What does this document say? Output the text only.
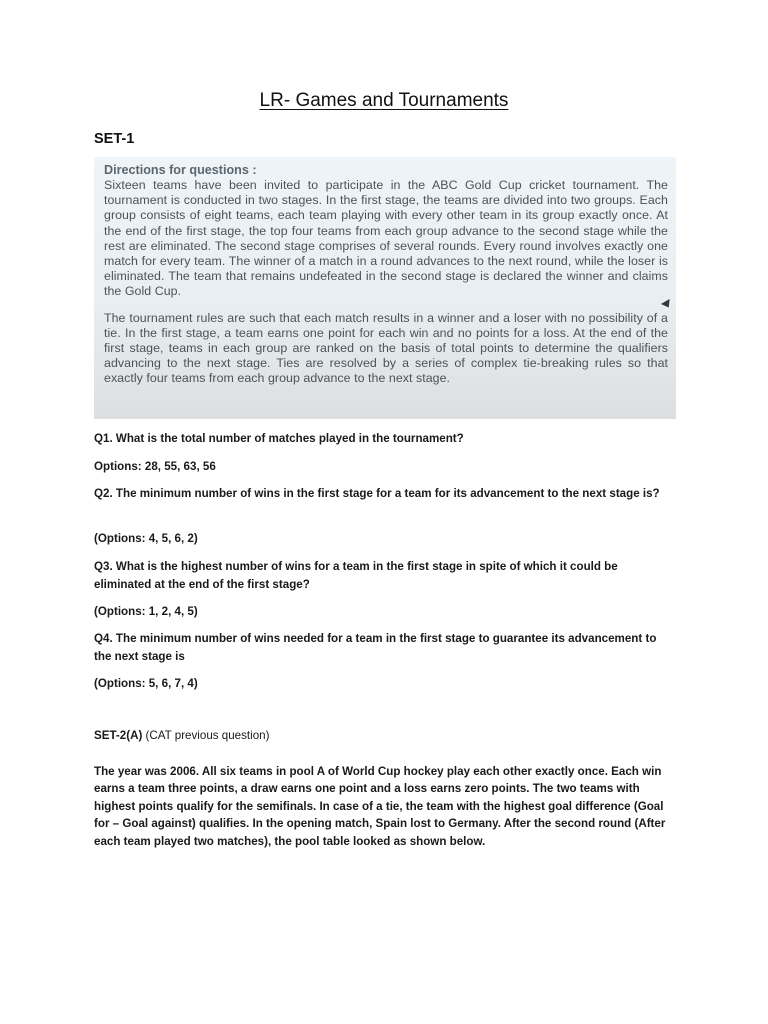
LR- Games and Tournaments
SET-1
Directions for questions :

Sixteen teams have been invited to participate in the ABC Gold Cup cricket tournament. The tournament is conducted in two stages. In the first stage, the teams are divided into two groups. Each group consists of eight teams, each team playing with every other team in its group exactly once. At the end of the first stage, the top four teams from each group advance to the second stage while the rest are eliminated. The second stage comprises of several rounds. Every round involves exactly one match for every team. The winner of a match in a round advances to the next round, while the loser is eliminated. The team that remains undefeated in the second stage is declared the winner and claims the Gold Cup.

The tournament rules are such that each match results in a winner and a loser with no possibility of a tie. In the first stage, a team earns one point for each win and no points for a loss. At the end of the first stage, teams in each group are ranked on the basis of total points to determine the qualifiers advancing to the next stage. Ties are resolved by a series of complex tie-breaking rules so that exactly four teams from each group advance to the next stage.

Q1. What is the total number of matches played in the tournament?
Options: 28, 55, 63, 56
Q2. The minimum number of wins in the first stage for a team for its advancement to the next stage is?
(Options: 4, 5, 6, 2)
Q3. What is the highest number of wins for a team in the first stage in spite of which it could be eliminated at the end of the first stage?
(Options: 1, 2, 4, 5)
Q4. The minimum number of wins needed for a team in the first stage to guarantee its advancement to the next stage is
(Options: 5, 6, 7, 4)
SET-2(A) (CAT previous question)
The year was 2006. All six teams in pool A of World Cup hockey play each other exactly once. Each win earns a team three points, a draw earns one point and a loss earns zero points. The two teams with highest points qualify for the semifinals. In case of a tie, the team with the highest goal difference (Goal for – Goal against) qualifies. In the opening match, Spain lost to Germany. After the second round (After each team played two matches), the pool table looked as shown below.
